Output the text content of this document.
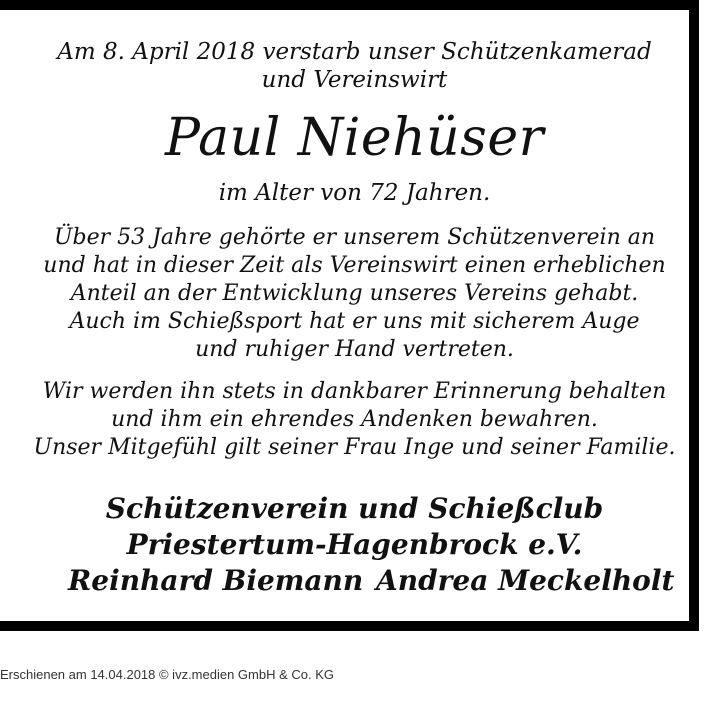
Am 8. April 2018 verstarb unser Schützenkamerad
und Vereinswirt
Paul Niehüser
im Alter von 72 Jahren.
Über 53 Jahre gehörte er unserem Schützenverein an
und hat in dieser Zeit als Vereinswirt einen erheblichen
Anteil an der Entwicklung unseres Vereins gehabt.
Auch im Schießsport hat er uns mit sicherem Auge
und ruhiger Hand vertreten.
Wir werden ihn stets in dankbarer Erinnerung behalten
und ihm ein ehrendes Andenken bewahren.
Unser Mitgefühl gilt seiner Frau Inge und seiner Familie.
Schützenverein und Schießclub
Priestertum-Hagenbrock e.V.
Reinhard Biemann Andrea Meckelholt
Erschienen am 14.04.2018 © ivz.medien GmbH & Co. KG
